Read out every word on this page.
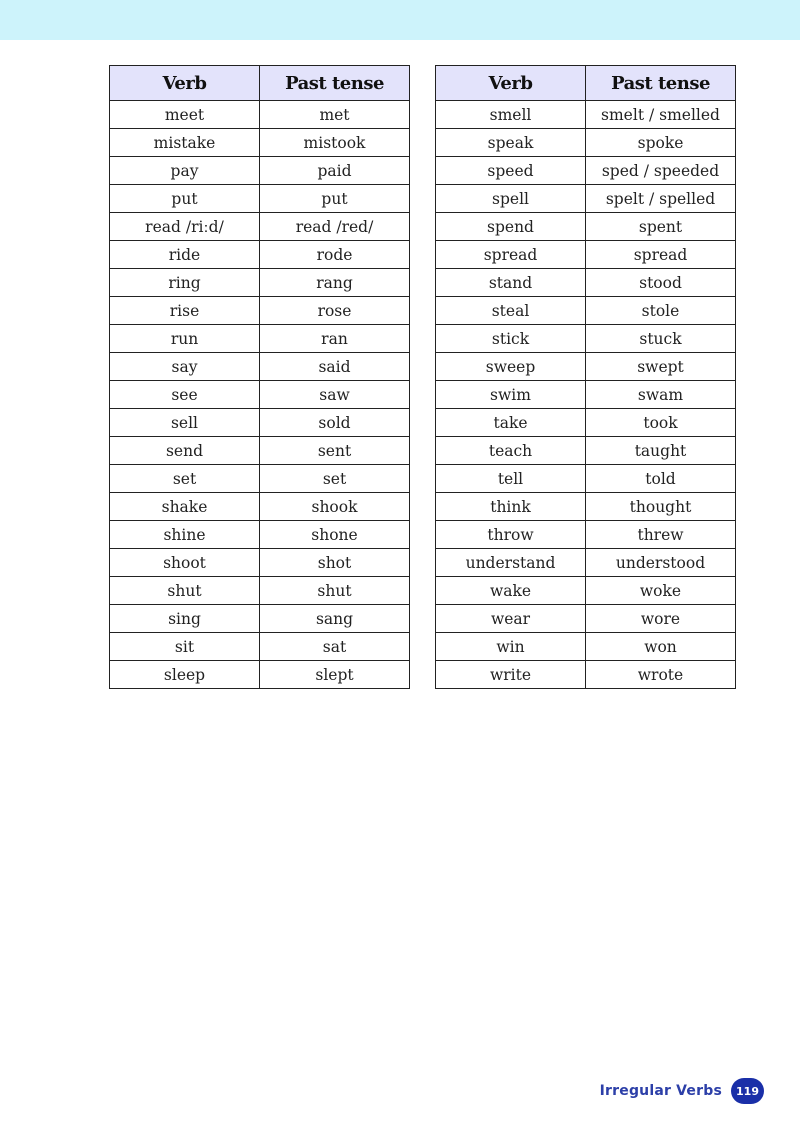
Verb	Past tense
meet	met
mistake	mistook
pay	paid
put	put
read /riːd/	read /red/
ride	rode
ring	rang
rise	rose
run	ran
say	said
see	saw
sell	sold
send	sent
set	set
shake	shook
shine	shone
shoot	shot
shut	shut
sing	sang
sit	sat
sleep	slept
Verb	Past tense
smell	smelt / smelled
speak	spoke
speed	sped / speeded
spell	spelt / spelled
spend	spent
spread	spread
stand	stood
steal	stole
stick	stuck
sweep	swept
swim	swam
take	took
teach	taught
tell	told
think	thought
throw	threw
understand	understood
wake	woke
wear	wore
win	won
write	wrote
Irregular Verbs	119
